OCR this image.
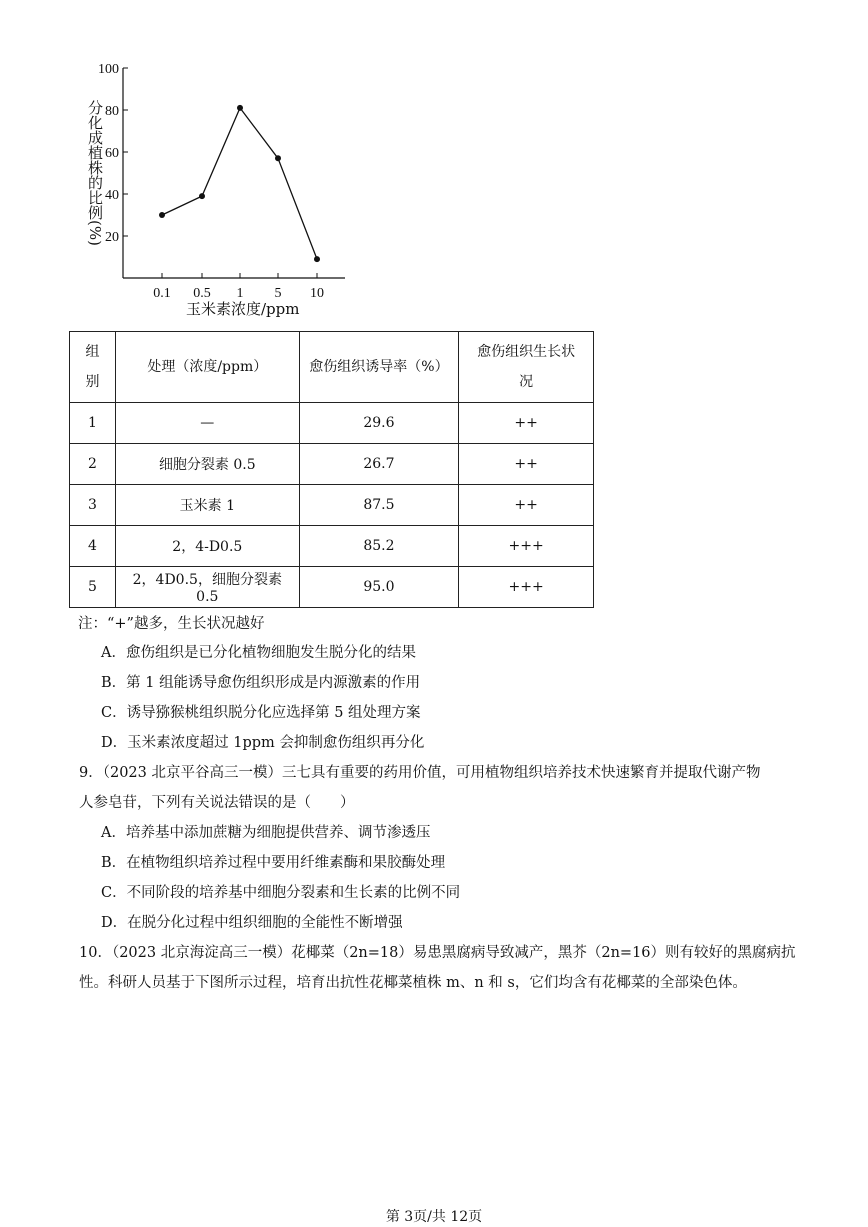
20
40
60
80
100
0.1 0.5 1 5 10
分化成植株的比例(%)
玉米素浓度/ppm
组别	处理（浓度/ppm）	愈伤组织诱导率（%）	愈伤组织生长状况
1	—	29.6	++
2	细胞分裂素 0.5	26.7	++
3	玉米素 1	87.5	++
4	2，4-D0.5	85.2	+++
5	2，4D0.5，细胞分裂素 0.5	95.0	+++
注：“+”越多，生长状况越好
A．愈伤组织是已分化植物细胞发生脱分化的结果
B．第 1 组能诱导愈伤组织形成是内源激素的作用
C．诱导猕猴桃组织脱分化应选择第 5 组处理方案
D．玉米素浓度超过 1ppm 会抑制愈伤组织再分化
9．（2023 北京平谷高三一模）三七具有重要的药用价值，可用植物组织培养技术快速繁育并提取代谢产物
人参皂苷，下列有关说法错误的是（　　）
A．培养基中添加蔗糖为细胞提供营养、调节渗透压
B．在植物组织培养过程中要用纤维素酶和果胶酶处理
C．不同阶段的培养基中细胞分裂素和生长素的比例不同
D．在脱分化过程中组织细胞的全能性不断增强
10．（2023 北京海淀高三一模）花椰菜（2n=18）易患黑腐病导致减产，黑芥（2n=16）则有较好的黑腐病抗
性。科研人员基于下图所示过程，培育出抗性花椰菜植株 m、n 和 s，它们均含有花椰菜的全部染色体。
第 3页/共 12页
